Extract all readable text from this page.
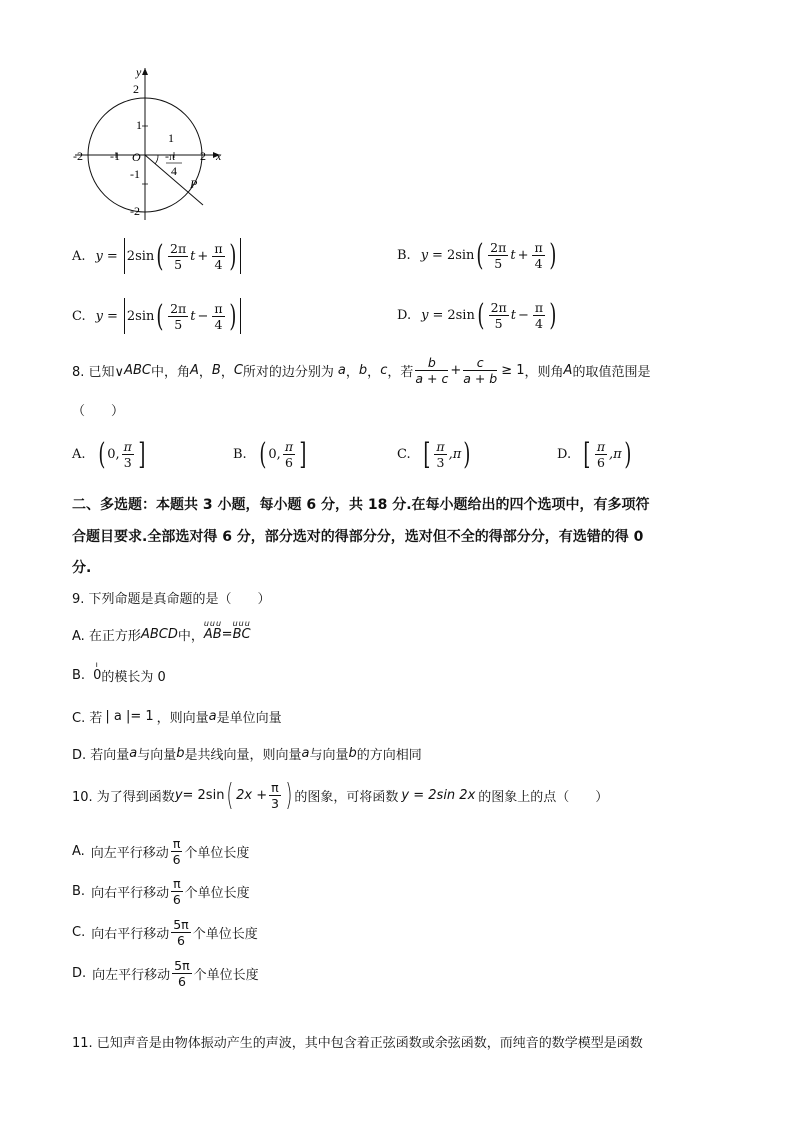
y
x
2
1
-1
-2
-2 -1	2
O
1
-π
4
P
A. y = 2sin ( $\frac{2\pi}{5}$ $t + \frac{\pi}{4}$ )	B. y = 2sin ( $\frac{2\pi}{5}$ $t + \frac{\pi}{4}$ )
C. y = 2sin ( $\frac{2\pi}{5}$ $t - \frac{\pi}{4}$ )	D. y = 2sin ( $\frac{2\pi}{5}$ $t - \frac{\pi}{4}$ )
8. 已知∨ ABC 中，角 A ， B ， C 所对的边分别为 a ， b ， c ，若 $\frac{b}{a + c} + \frac{c}{a + b} \ge 1$ ，则角 A 的取值范围是
（　　）
A. ( 0, $\frac{\pi}{3}$ ]	B. ( 0, $\frac{\pi}{6}$ ]	C. [ $\frac{\pi}{3} ,\pi$ )	D. [ $\frac{\pi}{6} ,\pi$ )
二、多选题：本题共 3 小题，每小题 6 分，共 18 分.在每小题给出的四个选项中，有多项符
合题目要求.全部选对得 6 分，部分选对的得部分分，选对但不全的得部分分，有选错的得 0
分.
9. 下列命题是真命题的是（　　）
A. 在正方形 ABCD 中，
uuu
AB =
uuu
BC
B.
ı
0 的模长为 0
C. 若 | a |= 1 ，则向量 a 是单位向量
D. 若向量 a 与向量 b 是共线向量，则向量 a 与向量 b 的方向相同
10. 为了得到函数 y = 2sin ( $2x + \frac{\pi}{3}$ ) 的图象，可将函数 y = 2sin 2x 的图象上的点（　　）
A. 向左平行移动 $\frac{\pi}{6}$ 个单位长度
B. 向右平行移动 $\frac{\pi}{6}$ 个单位长度
C. 向右平行移动 $\frac{5\pi}{6}$ 个单位长度
D. 向左平行移动 $\frac{5\pi}{6}$ 个单位长度
11. 已知声音是由物体振动产生的声波，其中包含着正弦函数或余弦函数，而纯音的数学模型是函数
